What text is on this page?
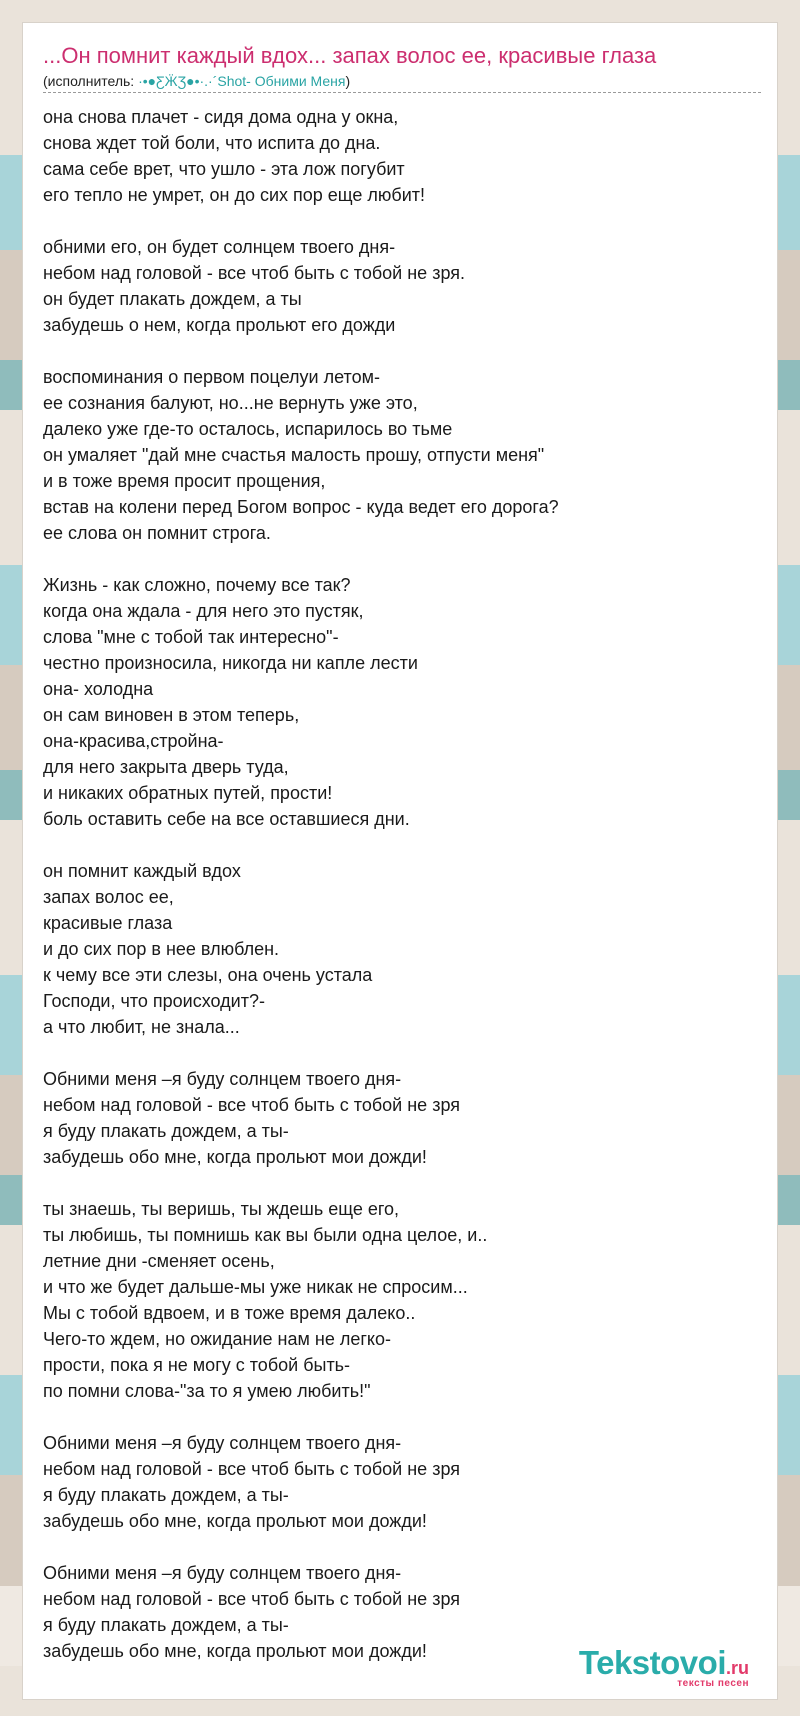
...Он помнит каждый вдох... запах волос ее, красивые глаза
(исполнитель: ·•●ƸӜƷ●•·.·´Shot- Обними Меня)
она снова плачет - сидя дома одна у окна,
снова ждет той боли, что испита до дна.
сама себе врет, что ушло - эта лож погубит
его тепло не умрет, он до сих пор еще любит!

обними его, он будет солнцем твоего дня-
небом над головой - все чтоб быть с тобой не зря.
он будет плакать дождем, а ты
забудешь о нем, когда прольют его дожди

воспоминания о первом поцелуи летом-
ее сознания балуют, но...не вернуть уже это,
далеко уже где-то осталось, испарилось во тьме
он умаляет "дай мне счастья малость прошу, отпусти меня"
и в тоже время просит прощения,
встав на колени перед Богом вопрос - куда ведет его дорога?
ее слова он помнит строга.

Жизнь - как сложно, почему все так?
когда она ждала - для него это пустяк,
слова "мне с тобой так интересно"-
честно произносила, никогда ни капле лести
она- холодна
он сам виновен в этом теперь,
она-красива,стройна-
для него закрыта дверь туда,
и никаких обратных путей, прости!
боль оставить себе на все оставшиеся дни.

он помнит каждый вдох
запах волос ее,
красивые глаза
и до сих пор в нее влюблен.
к чему все эти слезы, она очень устала
Господи, что происходит?-
а что любит, не знала...

Обними меня –я буду солнцем твоего дня-
небом над головой - все чтоб быть с тобой не зря
я буду плакать дождем, а ты-
забудешь обо мне, когда прольют мои дожди!

ты знаешь, ты веришь, ты ждешь еще его,
ты любишь, ты помнишь как вы были одна целое, и..
летние дни -сменяет осень,
и что же будет дальше-мы уже никак не спросим...
Мы с тобой вдвоем, и в тоже время далеко..
Чего-то ждем, но ожидание нам не легко-
прости, пока я не могу с тобой быть-
по помни слова-"за то я умею любить!"

Обними меня –я буду солнцем твоего дня-
небом над головой - все чтоб быть с тобой не зря
я буду плакать дождем, а ты-
забудешь обо мне, когда прольют мои дожди!

Обними меня –я буду солнцем твоего дня-
небом над головой - все чтоб быть с тобой не зря
я буду плакать дождем, а ты-
забудешь обо мне, когда прольют мои дожди!	Tekstovoi.ru
тексты песен
